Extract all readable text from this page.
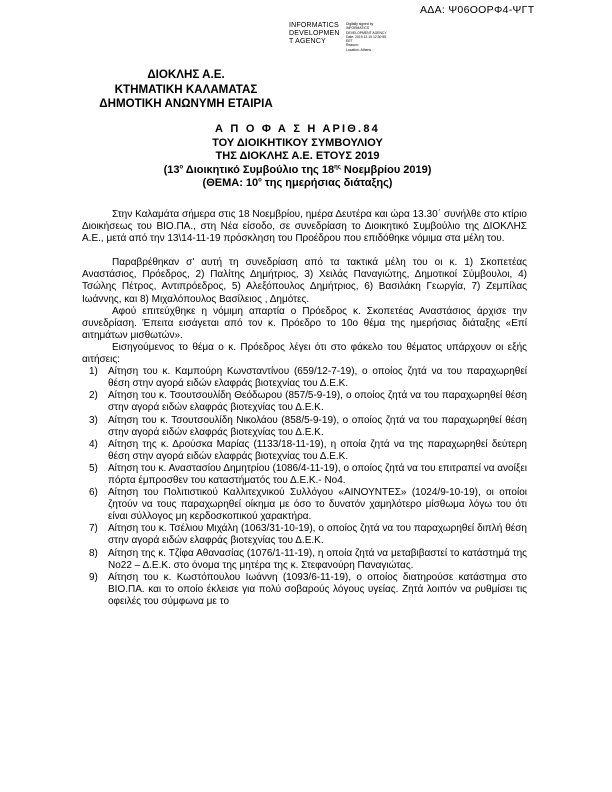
ΑΔΑ: Ψ06ΟΟΡΦ4-ΨΓΤ
INFORMATICS
DEVELOPMEN
T AGENCY
Digitally signed by
INFORMATICS
DEVELOPMENT AGENCY
Date: 2019.12.10 12:30:55
EET
Reason:
Location: Athens
ΔΙΟΚΛΗΣ Α.Ε.
ΚΤΗΜΑΤΙΚΗ ΚΑΛΑΜΑΤΑΣ
ΔΗΜΟΤΙΚΗ ΑΝΩΝΥΜΗ ΕΤΑΙΡΙΑ
Α Π Ο Φ Α Σ Η ΑΡΙΘ.84
ΤΟΥ ΔΙΟΙΚΗΤΙΚΟΥ ΣΥΜΒΟΥΛΙΟΥ
ΤΗΣ ΔΙΟΚΛΗΣ Α.Ε. ΕΤΟΥΣ 2019
($13^o$ Διοικητικό Συμβούλιο της $18^{\eta\varsigma}$ Νοεμβρίου 2019)
(ΘΕΜΑ: $10^o$ της ημερήσιας διάταξης)

Στην Καλαμάτα σήμερα στις 18 Νοεμβρίου, ημέρα Δευτέρα και ώρα 13.30΄ συνήλθε στο κτίριο Διοικήσεως του ΒΙΟ.ΠΑ., στη Νέα είσοδο, σε συνεδρίαση το Διοικητικό Συμβούλιο της ΔΙΟΚΛΗΣ Α.Ε., μετά από την 13\14-11-19 πρόσκληση του Προέδρου που επιδόθηκε νόμιμα στα μέλη του.

Παραβρέθηκαν σ' αυτή τη συνεδρίαση από τα τακτικά μέλη του οι κ. 1) Σκοπετέας Αναστάσιος, Πρόεδρος, 2) Παλίτης Δημήτριος, 3) Χειλάς Παναγιώτης, Δημοτικοί Σύμβουλοι, 4) Τσώλης Πέτρος, Αντιπρόεδρος, 5) Αλεξόπουλος Δημήτριος, 6) Βασιλάκη Γεωργία, 7) Ζεμπίλας Ιωάννης, και 8) Μιχαλόπουλος Βασίλειος , Δημότες.

Αφού επιτεύχθηκε η νόμιμη απαρτία ο Πρόεδρος κ. Σκοπετέας Αναστάσιος άρχισε την συνεδρίαση. Έπειτα εισάγεται από τον κ. Πρόεδρο το 10ο θέμα της ημερήσιας διάταξης «Επί αιτημάτων μισθωτών».

Εισηγούμενος το θέμα ο κ. Πρόεδρος λέγει ότι στο φάκελο του θέματος υπάρχουν οι εξής αιτήσεις:

1) Αίτηση του κ. Καμπούρη Κωνσταντίνου (659/12-7-19), ο οποίος ζητά να του παραχωρηθεί θέση στην αγορά ειδών ελαφράς βιοτεχνίας του Δ.Ε.Κ.
2) Αίτηση του κ. Τσουτσουλίδη Θεόδωρου (857/5-9-19), ο οποίος ζητά να του παραχωρηθεί θέση στην αγορά ειδών ελαφράς βιοτεχνίας του Δ.Ε.Κ.
3) Αίτηση του κ. Τσουτσουλίδη Νικολάου (858/5-9-19), ο οποίος ζητά να του παραχωρηθεί θέση στην αγορά ειδών ελαφράς βιοτεχνίας του Δ.Ε.Κ.
4) Αίτηση της κ. Δρούσκα Μαρίας (1133/18-11-19), η οποία ζητά να της παραχωρηθεί δεύτερη θέση στην αγορά ειδών ελαφράς βιοτεχνίας του Δ.Ε.Κ.
5) Αίτηση του κ. Αναστασίου Δημητρίου (1086/4-11-19), ο οποίος ζητά να του επιτραπεί να ανοίξει πόρτα έμπροσθεν του καταστήματός του Δ.Ε.Κ.- Νο4.
6) Αίτηση του Πολιτιστικού Καλλιτεχνικού Συλλόγου «ΑΙΝΟΥΝΤΕΣ» (1024/9-10-19), οι οποίοι ζητούν να τους παραχωρηθεί οίκημα με όσο το δυνατόν χαμηλότερο μίσθωμα λόγω του ότι είναι σύλλογος μη κερδοσκοπικού χαρακτήρα.
7) Αίτηση του κ. Τσέλιου Μιχάλη (1063/31-10-19), ο οποίος ζητά να του παραχωρηθεί διπλή θέση στην αγορά ειδών ελαφράς βιοτεχνίας του Δ.Ε.Κ.
8) Αίτηση της κ. Τζίφα Αθανασίας (1076/1-11-19), η οποία ζητά να μεταβιβαστεί το κατάστημά της Νο22 – Δ.Ε.Κ. στο όνομα της μητέρα της κ. Στεφανούρη Παναγιώτας.
9) Αίτηση του κ. Κωστόπουλου Ιωάννη (1093/6-11-19), ο οποίος διατηρούσε κατάστημα στο ΒΙΟ.ΠΑ. και το οποίο έκλεισε για πολύ σοβαρούς λόγους υγείας. Ζητά λοιπόν να ρυθμίσει τις οφειλές του σύμφωνα με το
